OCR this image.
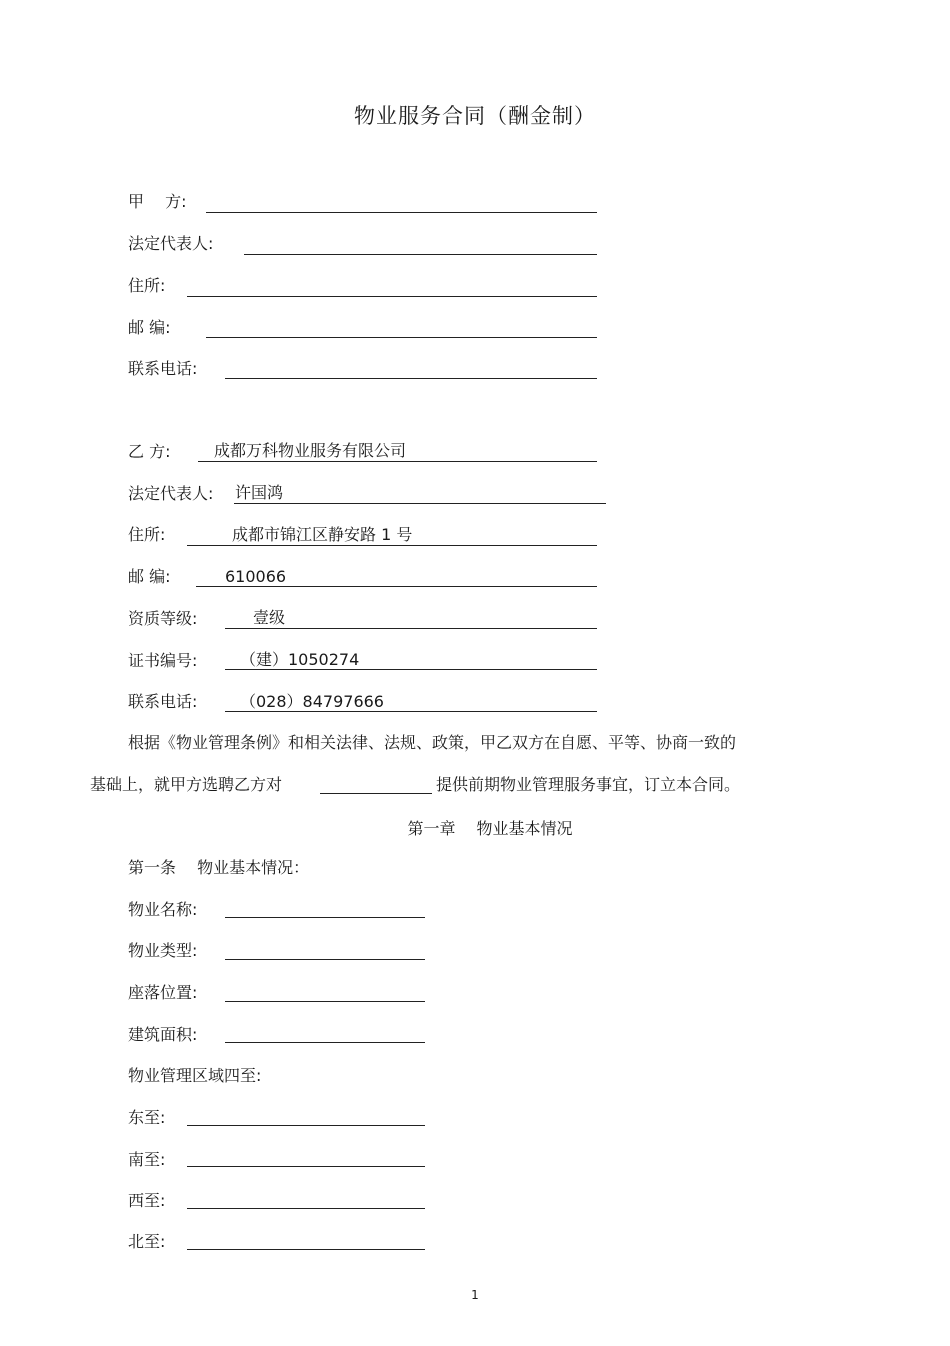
物业服务合同（酬金制）
甲　 方:
法定代表人:
住所:
邮 编:
联系电话:
乙 方:	成都万科物业服务有限公司
法定代表人: 许国鸿
住所:	成都市锦江区静安路 1 号
邮 编:	610066
资质等级:	壹级
证书编号:	（建）1050274
联系电话:	（028）84797666
根据《物业管理条例》和相关法律、法规、政策，甲乙双方在自愿、平等、协商一致的
基础上，就甲方选聘乙方对	提供前期物业管理服务事宜，订立本合同。
第一章　 物业基本情况
第一条　 物业基本情况：
物业名称:
物业类型:
座落位置:
建筑面积:
物业管理区域四至:
东至:
南至:
西至:
北至:
1
